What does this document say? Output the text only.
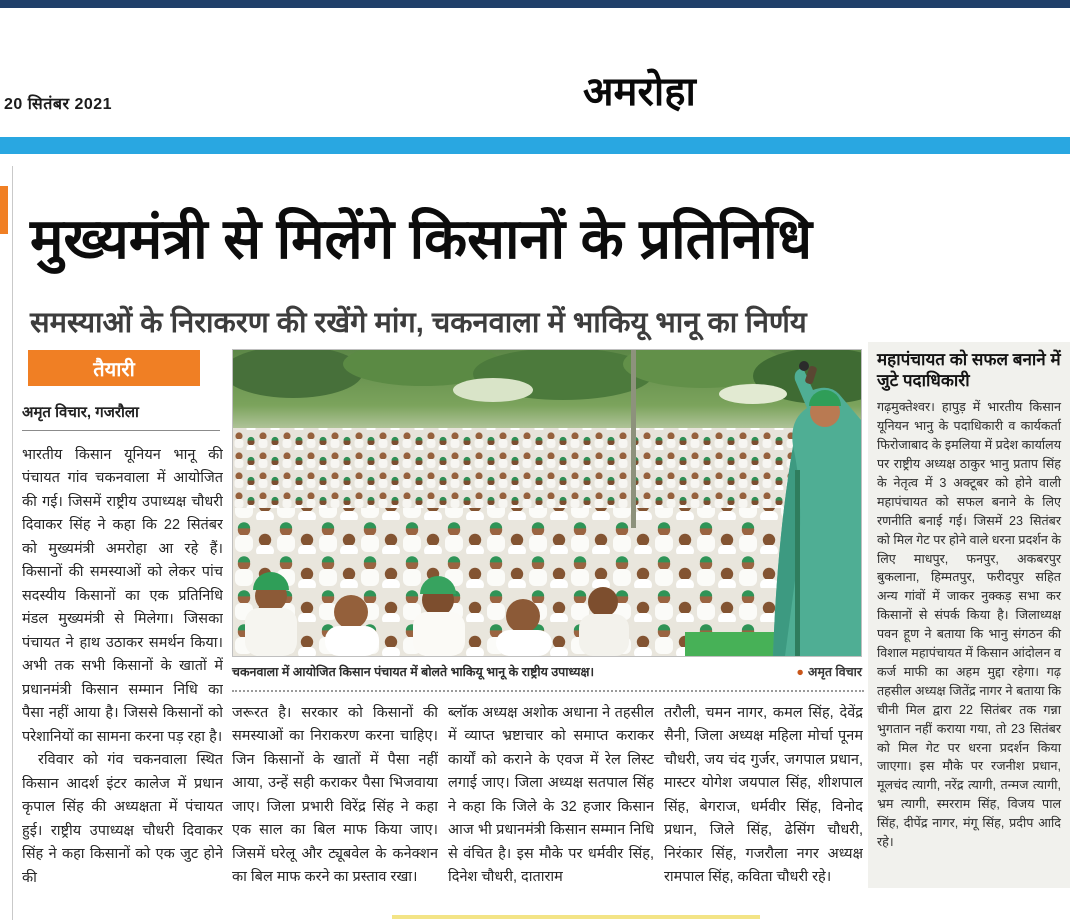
20 सितंबर 2021	अमरोहा
मुख्यमंत्री से मिलेंगे किसानों के प्रतिनिधि
समस्याओं के निराकरण की रखेंगे मांग, चकनवाला में भाकियू भानू का निर्णय
तैयारी
अमृत विचार, गजरौला

भारतीय किसान यूनियन भानू की पंचायत गांव चकनवाला में आयोजित की गई। जिसमें राष्ट्रीय उपाध्यक्ष चौधरी दिवाकर सिंह ने कहा कि 22 सितंबर को मुख्यमंत्री अमरोहा आ रहे हैं। किसानों की समस्याओं को लेकर पांच सदस्यीय किसानों का एक प्रतिनिधि मंडल मुख्यमंत्री से मिलेगा। जिसका पंचायत ने हाथ उठाकर समर्थन किया। अभी तक सभी किसानों के खातों में प्रधानमंत्री किसान सम्मान निधि का पैसा नहीं आया है। जिससे किसानों को परेशानियों का सामना करना पड़ रहा है।

रविवार को गंव चकनवाला स्थित किसान आदर्श इंटर कालेज में प्रधान कृपाल सिंह की अध्यक्षता में पंचायत हुई। राष्ट्रीय उपाध्यक्ष चौधरी दिवाकर सिंह ने कहा किसानों को एक जुट होने की

चकनवाला में आयोजित किसान पंचायत में बोलते भाकियू भानू के राष्ट्रीय उपाध्यक्ष।	● अमृत विचार
जरूरत है। सरकार को किसानों की समस्याओं का निराकरण करना चाहिए। जिन किसानों के खातों में पैसा नहीं आया, उन्हें सही कराकर पैसा भिजवाया जाए। जिला प्रभारी विरेंद्र सिंह ने कहा एक साल का बिल माफ किया जाए। जिसमें घरेलू और ट्यूबवेल के कनेक्शन का बिल माफ करने का प्रस्ताव रखा।
ब्लॉक अध्यक्ष अशोक अधाना ने तहसील में व्याप्त भ्रष्टाचार को समाप्त कराकर कार्यों को कराने के एवज में रेल लिस्ट लगाई जाए। जिला अध्यक्ष सतपाल सिंह ने कहा कि जिले के 32 हजार किसान आज भी प्रधानमंत्री किसान सम्मान निधि से वंचित है। इस मौके पर धर्मवीर सिंह, दिनेश चौधरी, दाताराम
तरौली, चमन नागर, कमल सिंह, देवेंद्र सैनी, जिला अध्यक्ष महिला मोर्चा पूनम चौधरी, जय चंद गुर्जर, जगपाल प्रधान, मास्टर योगेश जयपाल सिंह, शीशपाल सिंह, बेगराज, धर्मवीर सिंह, विनोद प्रधान, जिले सिंह, ढेसिंग चौधरी, निरंकार सिंह, गजरौला नगर अध्यक्ष रामपाल सिंह, कविता चौधरी रहे।
महापंचायत को सफल बनाने में जुटे पदाधिकारी
गढ़मुक्तेश्वर। हापुड़ में भारतीय किसान यूनियन भानु के पदाधिकारी व कार्यकर्ता फिरोजाबाद के इमलिया में प्रदेश कार्यालय पर राष्ट्रीय अध्यक्ष ठाकुर भानु प्रताप सिंह के नेतृत्व में 3 अक्टूबर को होने वाली महापंचायत को सफल बनाने के लिए रणनीति बनाई गई। जिसमें 23 सितंबर को मिल गेट पर होने वाले धरना प्रदर्शन के लिए माधपुर, फनपुर, अकबरपुर बुकलाना, हिम्मतपुर, फरीदपुर सहित अन्य गांवों में जाकर नुक्कड़ सभा कर किसानों से संपर्क किया है। जिलाध्यक्ष पवन हूण ने बताया कि भानु संगठन की विशाल महापंचायत में किसान आंदोलन व कर्ज माफी का अहम मुद्दा रहेगा। गढ़ तहसील अध्यक्ष जितेंद्र नागर ने बताया कि चीनी मिल द्वारा 22 सितंबर तक गन्ना भुगतान नहीं कराया गया, तो 23 सितंबर को मिल गेट पर धरना प्रदर्शन किया जाएगा। इस मौके पर रजनीश प्रधान, मूलचंद त्यागी, नरेंद्र त्यागी, तन्मज त्यागी, भ्रम त्यागी, स्मरराम सिंह, विजय पाल सिंह, दीपेंद्र नागर, मंगू सिंह, प्रदीप आदि रहे।
